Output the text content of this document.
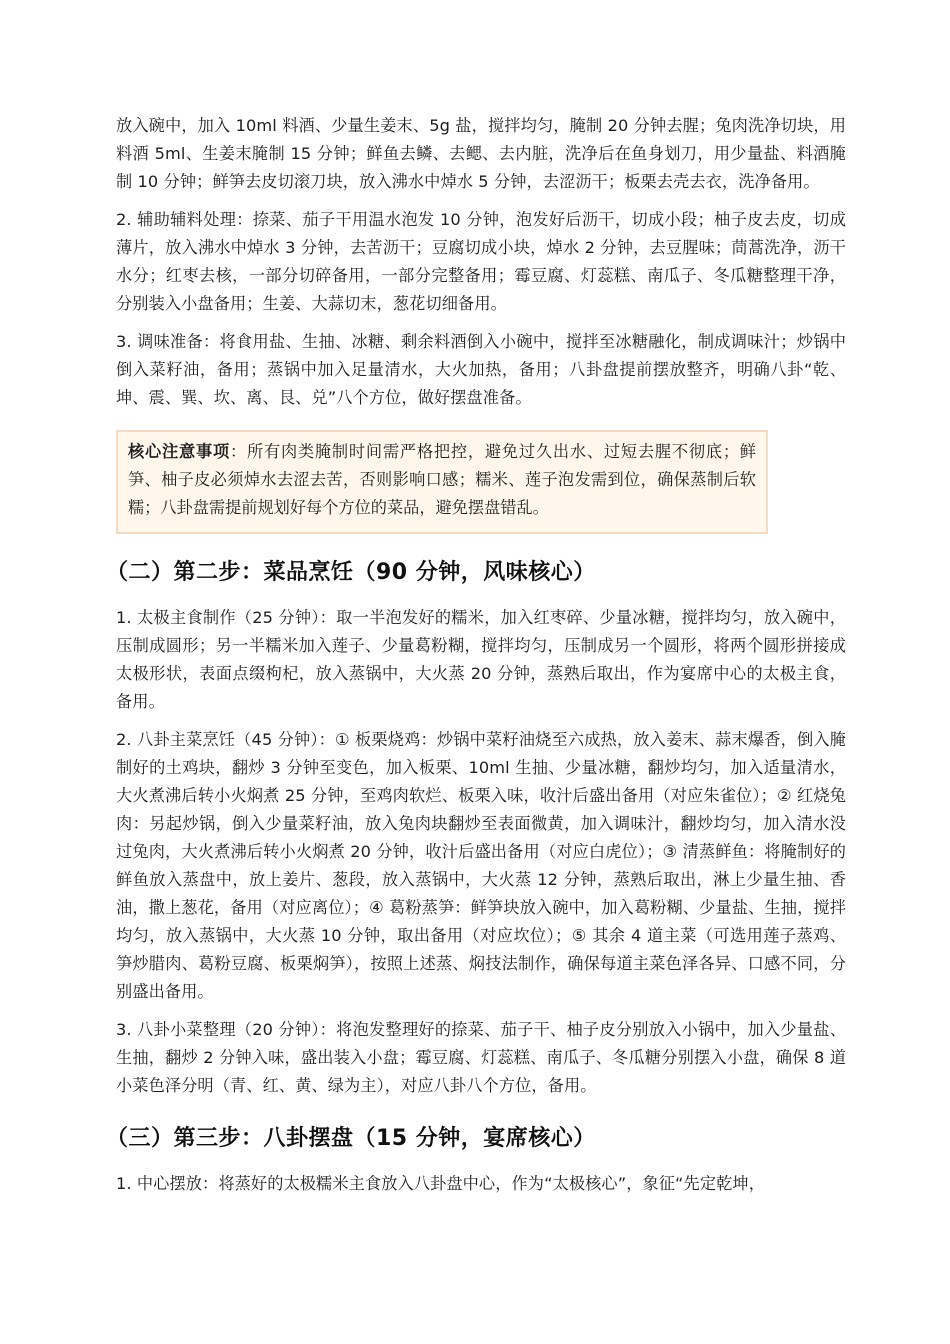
放入碗中，加入 10ml 料酒、少量生姜末、5g 盐，搅拌均匀，腌制 20 分钟去腥；兔肉洗净切块，用料酒 5ml、生姜末腌制 15 分钟；鲜鱼去鳞、去鳃、去内脏，洗净后在鱼身划刀，用少量盐、料酒腌制 10 分钟；鲜笋去皮切滚刀块，放入沸水中焯水 5 分钟，去涩沥干；板栗去壳去衣，洗净备用。

2. 辅助辅料处理：捺菜、茄子干用温水泡发 10 分钟，泡发好后沥干，切成小段；柚子皮去皮，切成薄片，放入沸水中焯水 3 分钟，去苦沥干；豆腐切成小块，焯水 2 分钟，去豆腥味；茼蒿洗净，沥干水分；红枣去核，一部分切碎备用，一部分完整备用；霉豆腐、灯蕊糕、南瓜子、冬瓜糖整理干净，分别装入小盘备用；生姜、大蒜切末，葱花切细备用。

3. 调味准备：将食用盐、生抽、冰糖、剩余料酒倒入小碗中，搅拌至冰糖融化，制成调味汁；炒锅中倒入菜籽油，备用；蒸锅中加入足量清水，大火加热，备用；八卦盘提前摆放整齐，明确八卦“乾、坤、震、巽、坎、离、艮、兑”八个方位，做好摆盘准备。

核心注意事项：所有肉类腌制时间需严格把控，避免过久出水、过短去腥不彻底；鲜笋、柚子皮必须焯水去涩去苦，否则影响口感；糯米、莲子泡发需到位，确保蒸制后软糯；八卦盘需提前规划好每个方位的菜品，避免摆盘错乱。

（二）第二步：菜品烹饪（90 分钟，风味核心）

1. 太极主食制作（25 分钟）：取一半泡发好的糯米，加入红枣碎、少量冰糖，搅拌均匀，放入碗中，压制成圆形；另一半糯米加入莲子、少量葛粉糊，搅拌均匀，压制成另一个圆形，将两个圆形拼接成太极形状，表面点缀枸杞，放入蒸锅中，大火蒸 20 分钟，蒸熟后取出，作为宴席中心的太极主食，备用。

2. 八卦主菜烹饪（45 分钟）：① 板栗烧鸡：炒锅中菜籽油烧至六成热，放入姜末、蒜末爆香，倒入腌制好的土鸡块，翻炒 3 分钟至变色，加入板栗、10ml 生抽、少量冰糖，翻炒均匀，加入适量清水，大火煮沸后转小火焖煮 25 分钟，至鸡肉软烂、板栗入味，收汁后盛出备用（对应朱雀位）；② 红烧兔肉：另起炒锅，倒入少量菜籽油，放入兔肉块翻炒至表面微黄，加入调味汁，翻炒均匀，加入清水没过兔肉，大火煮沸后转小火焖煮 20 分钟，收汁后盛出备用（对应白虎位）；③ 清蒸鲜鱼：将腌制好的鲜鱼放入蒸盘中，放上姜片、葱段，放入蒸锅中，大火蒸 12 分钟，蒸熟后取出，淋上少量生抽、香油，撒上葱花，备用（对应离位）；④ 葛粉蒸笋：鲜笋块放入碗中，加入葛粉糊、少量盐、生抽，搅拌均匀，放入蒸锅中，大火蒸 10 分钟，取出备用（对应坎位）；⑤ 其余 4 道主菜（可选用莲子蒸鸡、笋炒腊肉、葛粉豆腐、板栗焖笋），按照上述蒸、焖技法制作，确保每道主菜色泽各异、口感不同，分别盛出备用。

3. 八卦小菜整理（20 分钟）：将泡发整理好的捺菜、茄子干、柚子皮分别放入小锅中，加入少量盐、生抽，翻炒 2 分钟入味，盛出装入小盘；霉豆腐、灯蕊糕、南瓜子、冬瓜糖分别摆入小盘，确保 8 道小菜色泽分明（青、红、黄、绿为主），对应八卦八个方位，备用。

（三）第三步：八卦摆盘（15 分钟，宴席核心）

1. 中心摆放：将蒸好的太极糯米主食放入八卦盘中心，作为“太极核心”，象征“先定乾坤，
